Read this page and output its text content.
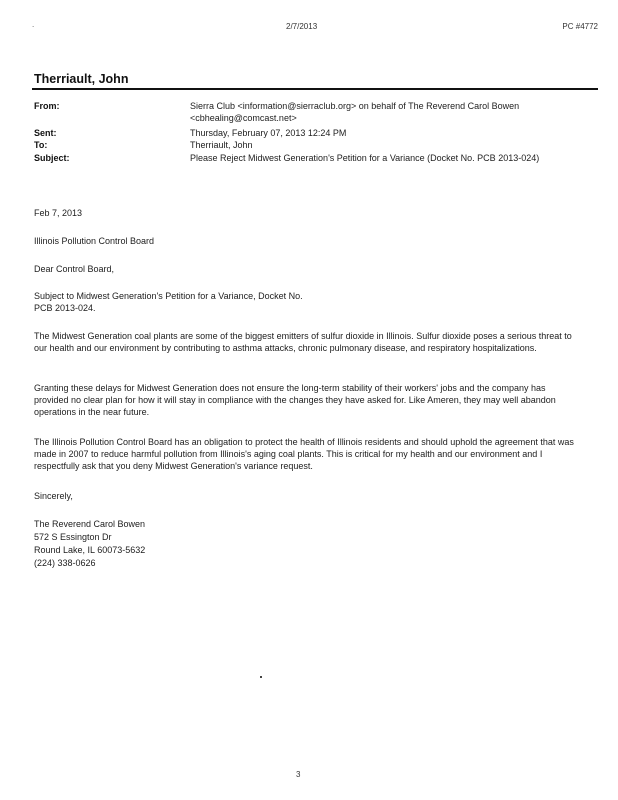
.	2/7/2013	PC #4772
Therriault, John
From:	Sierra Club <information@sierraclub.org> on behalf of The Reverend Carol Bowen
<cbhealing@comcast.net>
Sent:	Thursday, February 07, 2013 12:24 PM
To:	Therriault, John
Subject:	Please Reject Midwest Generation's Petition for a Variance (Docket No. PCB 2013-024)
Feb 7, 2013
Illinois Pollution Control Board
Dear Control Board,
Subject to Midwest Generation's Petition for a Variance, Docket No.
PCB 2013-024.
The Midwest Generation coal plants are some of the biggest emitters of sulfur dioxide in Illinois. Sulfur dioxide poses a serious threat to our health and our environment by contributing to asthma attacks, chronic pulmonary disease, and respiratory hospitalizations.
Granting these delays for Midwest Generation does not ensure the long-term stability of their workers' jobs and the company has provided no clear plan for how it will stay in compliance with the changes they have asked for. Like Ameren, they may well abandon operations in the near future.
The Illinois Pollution Control Board has an obligation to protect the health of Illinois residents and should uphold the agreement that was made in 2007 to reduce harmful pollution from Illinois's aging coal plants. This is critical for my health and our environment and I respectfully ask that you deny Midwest Generation's variance request.
Sincerely,
The Reverend Carol Bowen
572 S Essington Dr
Round Lake, IL 60073-5632
(224) 338-0626
3
